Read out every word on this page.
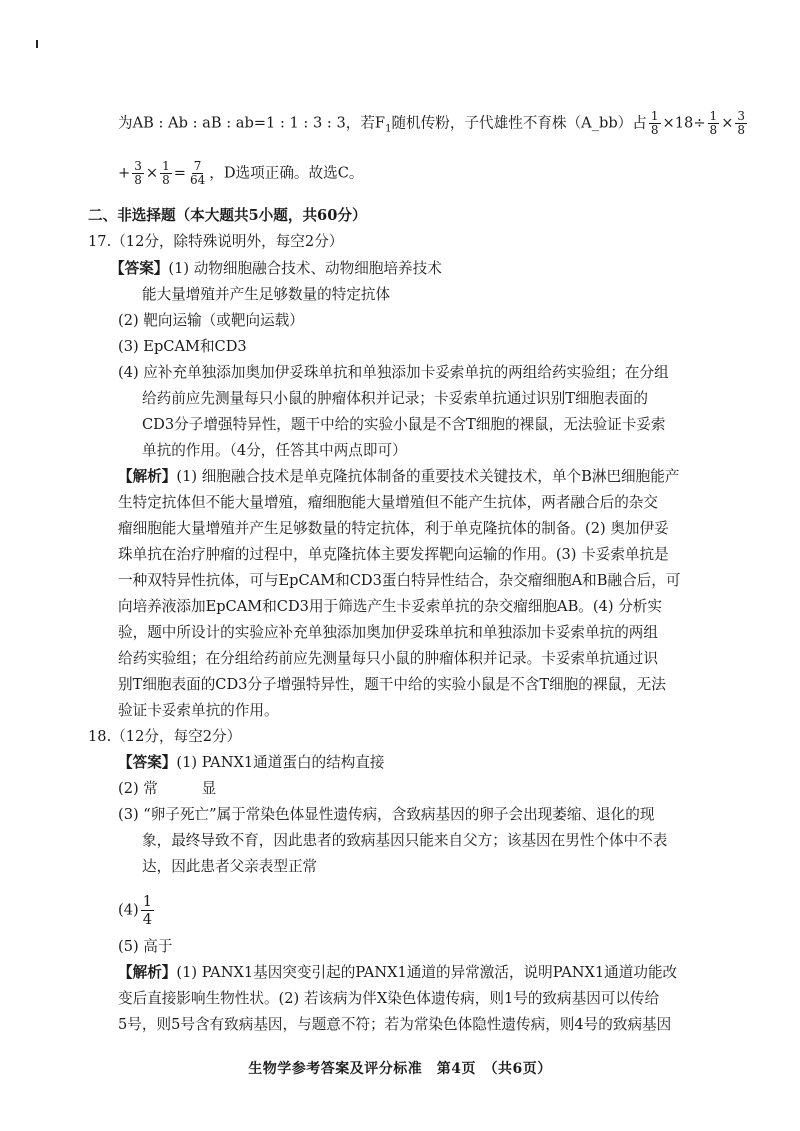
为AB : Ab : aB : ab=1 : 1 : 3 : 3，若$F_1$随机传粉，子代雄性不育株（A_bb）占 $\frac{1}{8} \times 18\div \frac{1}{8} \times \frac{3}{8}$
+ $\frac{3}{8} \times \frac{1}{8} = \frac{7}{64}$ ，D选项正确。故选C。
二、非选择题（本大题共5小题，共60分）
17.（12分，除特殊说明外，每空2分）
【答案】(1) 动物细胞融合技术、动物细胞培养技术
能大量增殖并产生足够数量的特定抗体
(2) 靶向运输（或靶向运载）
(3) EpCAM和CD3
(4) 应补充单独添加奥加伊妥珠单抗和单独添加卡妥索单抗的两组给药实验组；在分组
给药前应先测量每只小鼠的肿瘤体积并记录；卡妥索单抗通过识别T细胞表面的
CD3分子增强特异性，题干中给的实验小鼠是不含T细胞的裸鼠，无法验证卡妥索
单抗的作用。（4分，任答其中两点即可）
【解析】(1) 细胞融合技术是单克隆抗体制备的重要技术关键技术，单个B淋巴细胞能产
生特定抗体但不能大量增殖，瘤细胞能大量增殖但不能产生抗体，两者融合后的杂交
瘤细胞能大量增殖并产生足够数量的特定抗体，利于单克隆抗体的制备。(2) 奥加伊妥
珠单抗在治疗肿瘤的过程中，单克隆抗体主要发挥靶向运输的作用。(3) 卡妥索单抗是
一种双特异性抗体，可与EpCAM和CD3蛋白特异性结合，杂交瘤细胞A和B融合后，可
向培养液添加EpCAM和CD3用于筛选产生卡妥索单抗的杂交瘤细胞AB。(4) 分析实
验，题中所设计的实验应补充单独添加奥加伊妥珠单抗和单独添加卡妥索单抗的两组
给药实验组；在分组给药前应先测量每只小鼠的肿瘤体积并记录。卡妥索单抗通过识
别T细胞表面的CD3分子增强特异性，题干中给的实验小鼠是不含T细胞的裸鼠，无法
验证卡妥索单抗的作用。
18.（12分，每空2分）
【答案】(1) PANX1通道蛋白的结构直接
(2) 常　　　显
(3) “卵子死亡”属于常染色体显性遗传病，含致病基因的卵子会出现萎缩、退化的现
象，最终导致不育，因此患者的致病基因只能来自父方；该基因在男性个体中不表
达，因此患者父亲表型正常
$(4) \frac{1}{4}$
(5) 高于
【解析】(1) PANX1基因突变引起的PANX1通道的异常激活，说明PANX1通道功能改
变后直接影响生物性状。(2) 若该病为伴X染色体遗传病，则1号的致病基因可以传给
5号，则5号含有致病基因，与题意不符；若为常染色体隐性遗传病，则4号的致病基因
生物学参考答案及评分标准　第4页　（共6页）
